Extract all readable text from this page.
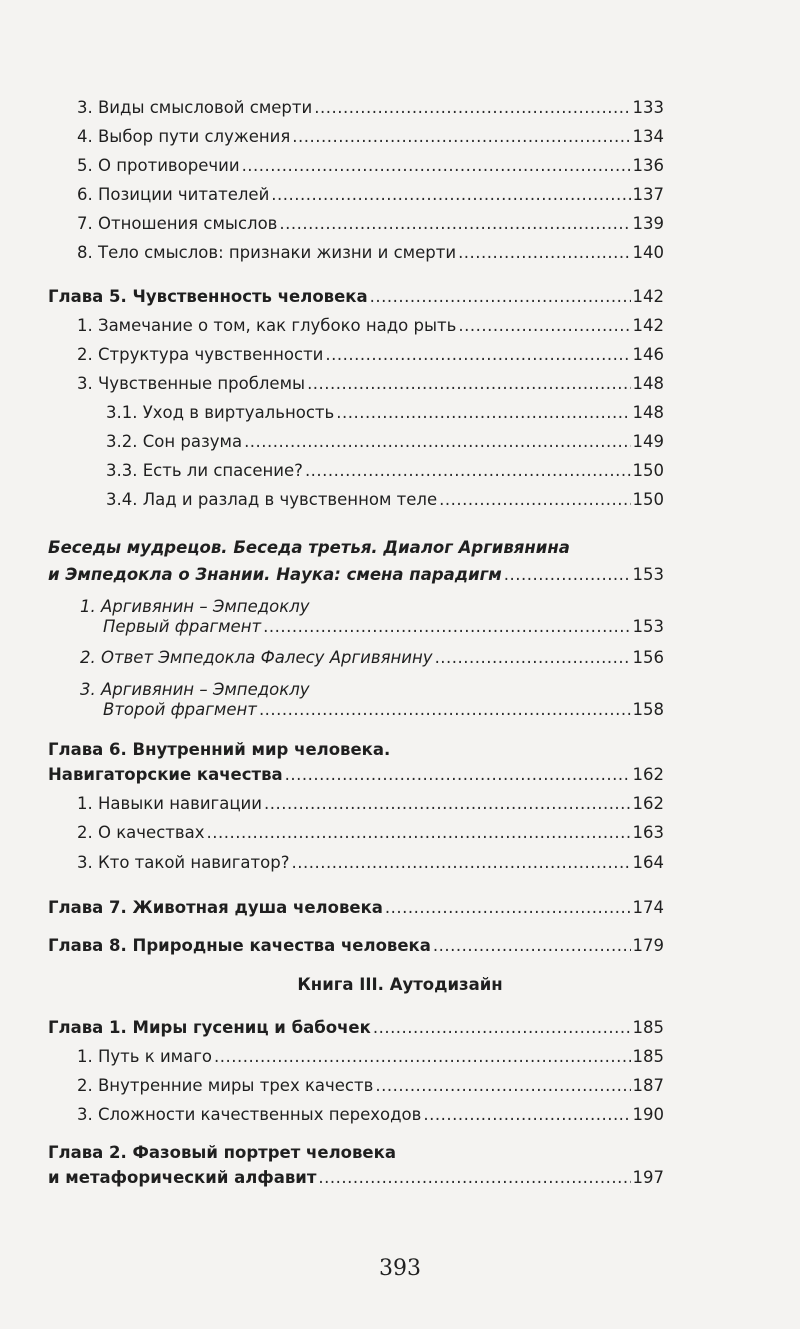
3. Виды смысловой смерти .....	133
4. Выбор пути служения .....	134
5. О противоречии .....	136
6. Позиции читателей .....	137
7. Отношения смыслов .....	139
8. Тело смыслов: признаки жизни и смерти .....	140
Глава 5. Чувственность человека .....	142
1. Замечание о том, как глубоко надо рыть .....	142
2. Структура чувственности .....	146
3. Чувственные проблемы .....	148
3.1. Уход в виртуальность .....	148
3.2. Сон разума .....	149
3.3. Есть ли спасение? .....	150
3.4. Лад и разлад в чувственном теле .....	150
Беседы мудрецов. Беседа третья. Диалог Аргивянина
и Эмпедокла о Знании. Наука: смена парадигм .....	153
1. Аргивянин – Эмпедоклу
Первый фрагмент .....	153
2. Ответ Эмпедокла Фалесу Аргивянину .....	156
3. Аргивянин – Эмпедоклу
Второй фрагмент .....	158
Глава 6. Внутренний мир человека.
Навигаторские качества .....	162
1. Навыки навигации .....	162
2. О качествах .....	163
3. Кто такой навигатор? .....	164
Глава 7. Животная душа человека .....	174
Глава 8. Природные качества человека .....	179
Книга III. Аутодизайн
Глава 1. Миры гусениц и бабочек .....	185
1. Путь к имаго .....	185
2. Внутренние миры трех качеств .....	187
3. Сложности качественных переходов .....	190
Глава 2. Фазовый портрет человека
и метафорический алфавит .....	197
393
